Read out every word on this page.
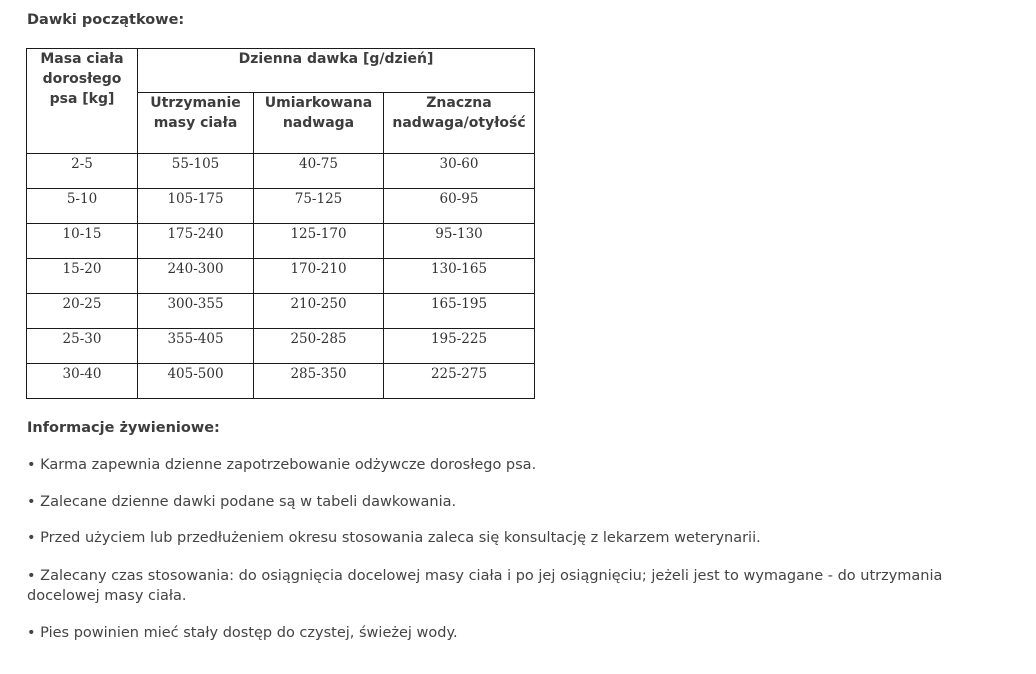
Dawki początkowe:
Masa ciała dorosłego psa [kg]	Dzienna dawka [g/dzień]		
	Utrzymanie masy ciała	Umiarkowana nadwaga	Znaczna nadwaga/otyłość
2-5	55-105	40-75	30-60
5-10	105-175	75-125	60-95
10-15	175-240	125-170	95-130
15-20	240-300	170-210	130-165
20-25	300-355	210-250	165-195
25-30	355-405	250-285	195-225
30-40	405-500	285-350	225-275
Informacje żywieniowe:
• Karma zapewnia dzienne zapotrzebowanie odżywcze dorosłego psa.
• Zalecane dzienne dawki podane są w tabeli dawkowania.
• Przed użyciem lub przedłużeniem okresu stosowania zaleca się konsultację z lekarzem weterynarii.
• Zalecany czas stosowania: do osiągnięcia docelowej masy ciała i po jej osiągnięciu; jeżeli jest to wymagane - do utrzymania docelowej masy ciała.
• Pies powinien mieć stały dostęp do czystej, świeżej wody.
